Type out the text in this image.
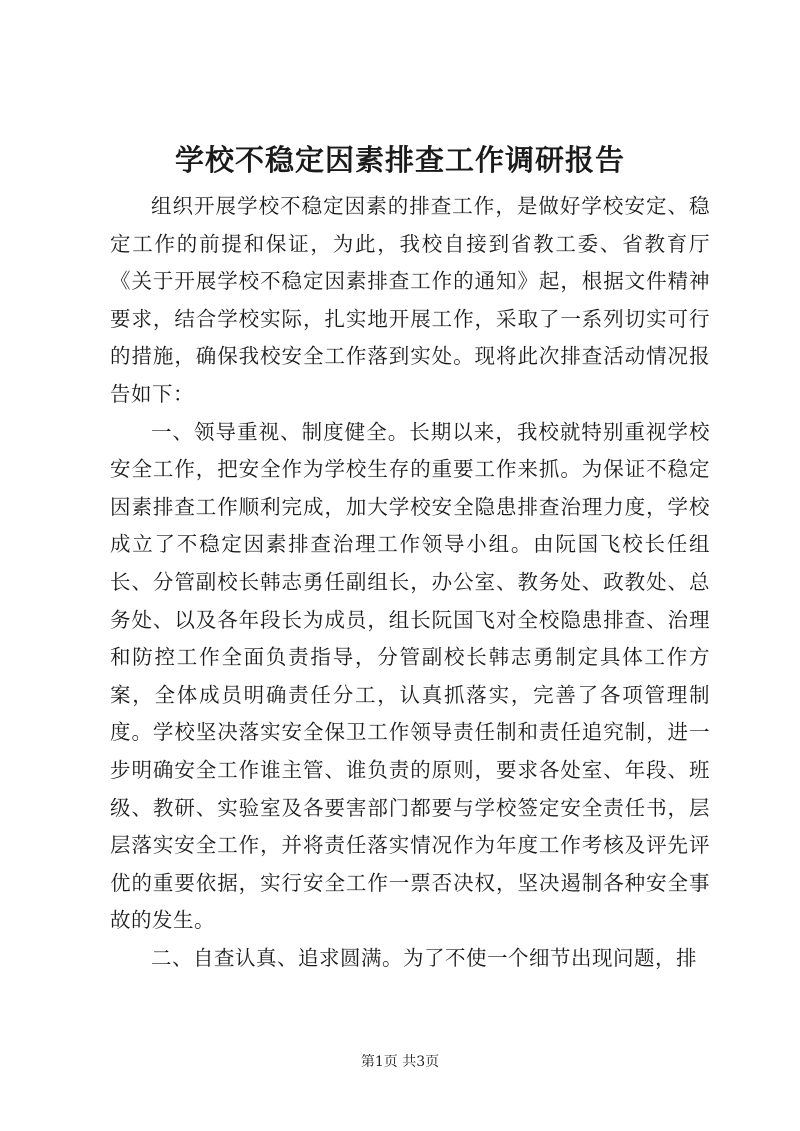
学校不稳定因素排查工作调研报告

组织开展学校不稳定因素的排查工作，是做好学校安定、稳定工作的前提和保证，为此，我校自接到省教工委、省教育厅《关于开展学校不稳定因素排查工作的通知》起，根据文件精神要求，结合学校实际，扎实地开展工作，采取了一系列切实可行的措施，确保我校安全工作落到实处。现将此次排查活动情况报告如下：

一、领导重视、制度健全。长期以来，我校就特别重视学校安全工作，把安全作为学校生存的重要工作来抓。为保证不稳定因素排查工作顺利完成，加大学校安全隐患排查治理力度，学校成立了不稳定因素排查治理工作领导小组。由阮国飞校长任组长、分管副校长韩志勇任副组长，办公室、教务处、政教处、总务处、以及各年段长为成员，组长阮国飞对全校隐患排查、治理和防控工作全面负责指导，分管副校长韩志勇制定具体工作方案，全体成员明确责任分工，认真抓落实，完善了各项管理制度。学校坚决落实安全保卫工作领导责任制和责任追究制，进一步明确安全工作谁主管、谁负责的原则，要求各处室、年段、班级、教研、实验室及各要害部门都要与学校签定安全责任书，层层落实安全工作，并将责任落实情况作为年度工作考核及评先评优的重要依据，实行安全工作一票否决权，坚决遏制各种安全事故的发生。

二、自查认真、追求圆满。为了不使一个细节出现问题，排

第1页 共3页
